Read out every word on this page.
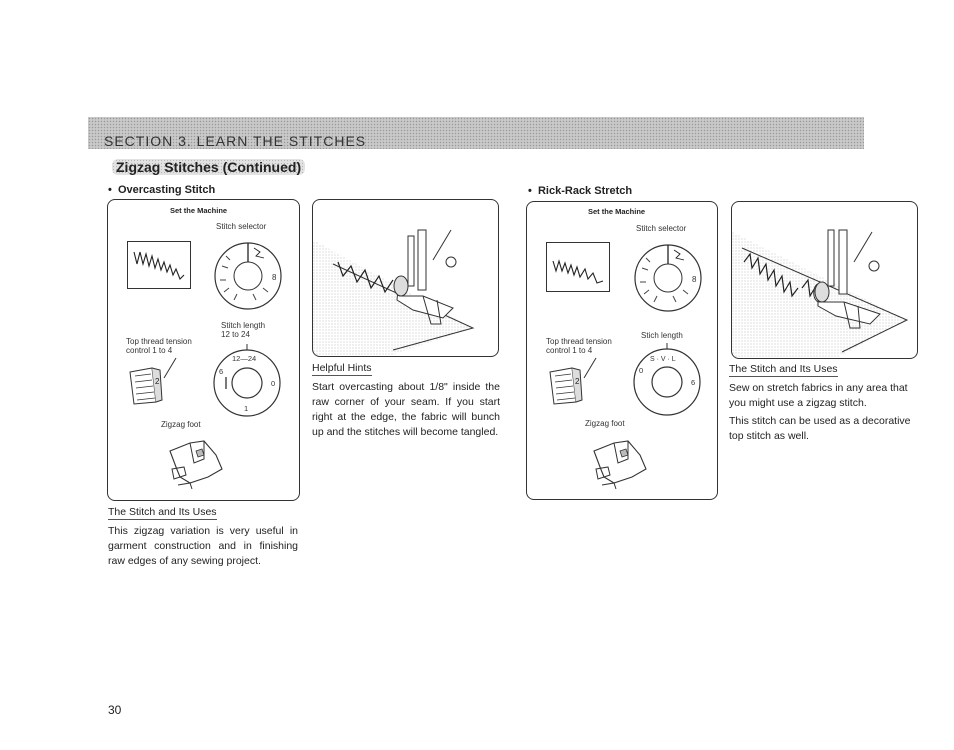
SECTION 3. LEARN THE STITCHES
Zigzag Stitches (Continued)
• Overcasting Stitch
Set the Machine
Stitch selector
8
Stitch length
12 to 24
Top thread tension
control 1 to 4
2
12—24
6
0
1
Zigzag foot
The Stitch and Its Uses
This zigzag variation is very useful in garment construction and in finishing raw edges of any sewing project.
Helpful Hints
Start overcasting about 1/8" inside the raw corner of your seam. If you start right at the edge, the fabric will bunch up and the stitches will become tangled.
• Rick-Rack Stretch
Set the Machine
Stitch selector
8
Stich length
Top thread tension
control 1 to 4
2
S · V · L
0
6
Zigzag foot
The Stitch and Its Uses
Sew on stretch fabrics in any area that you might use a zigzag stitch.
This stitch can be used as a decorative top stitch as well.
30
